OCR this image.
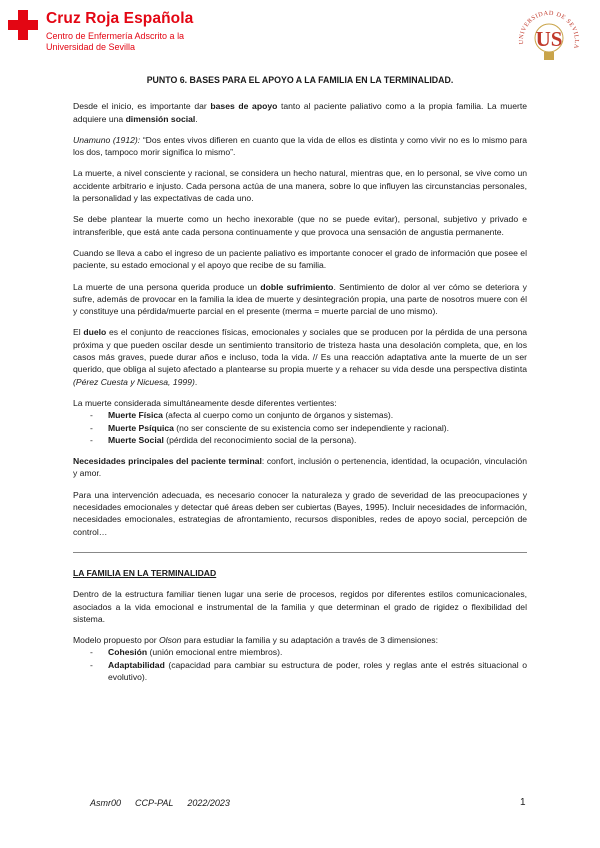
Cruz Roja Española
Centro de Enfermería Adscrito a la
Universidad de Sevilla
UNIVERSIDAD DE SEVILLA
US
PUNTO 6. BASES PARA EL APOYO A LA FAMILIA EN LA TERMINALIDAD.

Desde el inicio, es importante dar bases de apoyo tanto al paciente paliativo como a la propia familia. La muerte adquiere una dimensión social.

Unamuno (1912): “Dos entes vivos difieren en cuanto que la vida de ellos es distinta y como vivir no es lo mismo para los dos, tampoco morir significa lo mismo”.

La muerte, a nivel consciente y racional, se considera un hecho natural, mientras que, en lo personal, se vive como un accidente arbitrario e injusto. Cada persona actúa de una manera, sobre lo que influyen las circunstancias personales, la personalidad y las expectativas de cada uno.

Se debe plantear la muerte como un hecho inexorable (que no se puede evitar), personal, subjetivo y privado e intransferible, que está ante cada persona continuamente y que provoca una sensación de angustia permanente.

Cuando se lleva a cabo el ingreso de un paciente paliativo es importante conocer el grado de información que posee el paciente, su estado emocional y el apoyo que recibe de su familia.

La muerte de una persona querida produce un doble sufrimiento. Sentimiento de dolor al ver cómo se deteriora y sufre, además de provocar en la familia la idea de muerte y desintegración propia, una parte de nosotros muere con él y constituye una pérdida/muerte parcial en el presente (merma = muerte parcial de uno mismo).

El duelo es el conjunto de reacciones físicas, emocionales y sociales que se producen por la pérdida de una persona próxima y que pueden oscilar desde un sentimiento transitorio de tristeza hasta una desolación completa, que, en los casos más graves, puede durar años e incluso, toda la vida. // Es una reacción adaptativa ante la muerte de un ser querido, que obliga al sujeto afectado a plantearse su propia muerte y a rehacer su vida desde una perspectiva distinta (Pérez Cuesta y Nicuesa, 1999).

La muerte considerada simultáneamente desde diferentes vertientes:

- Muerte Física (afecta al cuerpo como un conjunto de órganos y sistemas).
- Muerte Psíquica (no ser consciente de su existencia como ser independiente y racional).
- Muerte Social (pérdida del reconocimiento social de la persona).

Necesidades principales del paciente terminal: confort, inclusión o pertenencia, identidad, la ocupación, vinculación y amor.

Para una intervención adecuada, es necesario conocer la naturaleza y grado de severidad de las preocupaciones y necesidades emocionales y detectar qué áreas deben ser cubiertas (Bayes, 1995). Incluir necesidades de información, necesidades emocionales, estrategias de afrontamiento, recursos disponibles, redes de apoyo social, percepción de control…

LA FAMILIA EN LA TERMINALIDAD

Dentro de la estructura familiar tienen lugar una serie de procesos, regidos por diferentes estilos comunicacionales, asociados a la vida emocional e instrumental de la familia y que determinan el grado de rigidez o flexibilidad del sistema.

Modelo propuesto por Olson para estudiar la familia y su adaptación a través de 3 dimensiones:

- Cohesión (unión emocional entre miembros).
- Adaptabilidad (capacidad para cambiar su estructura de poder, roles y reglas ante el estrés situacional o evolutivo).
Asmr00 CCP-PAL 2022/2023	1
